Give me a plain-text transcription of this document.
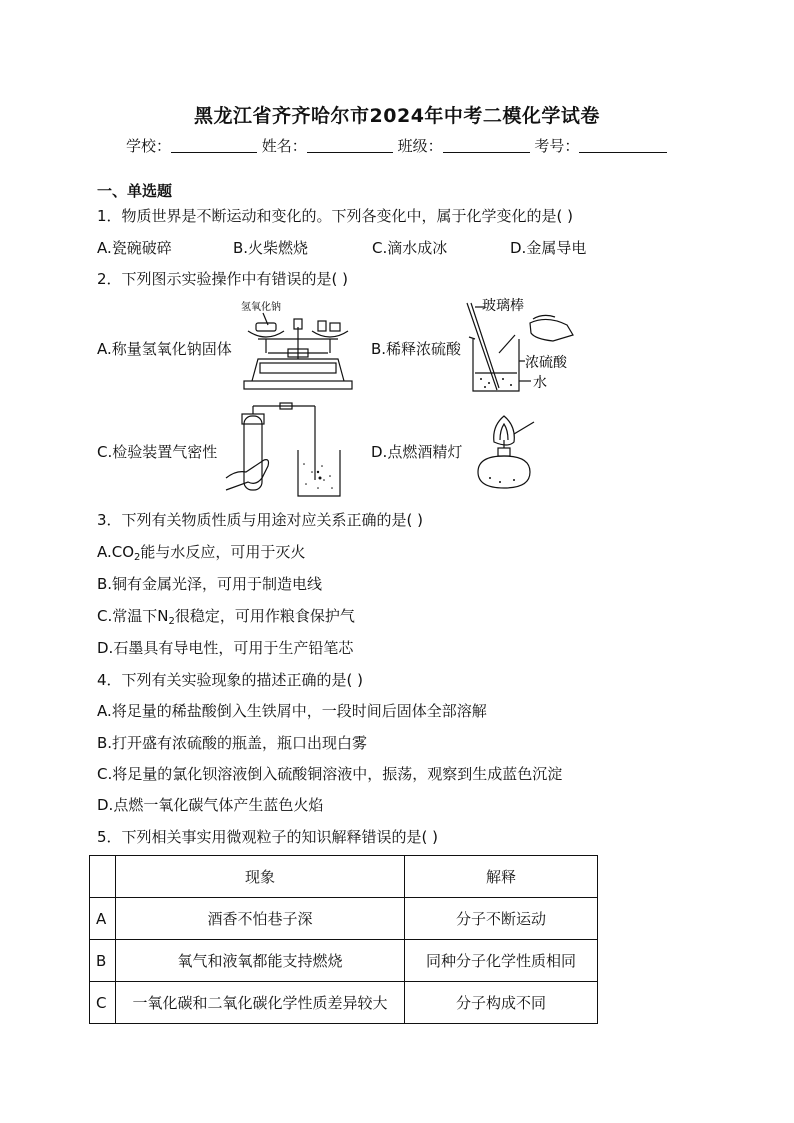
黑龙江省齐齐哈尔市2024年中考二模化学试卷
学校：	姓名：	班级：	考号：
一、单选题
1．物质世界是不断运动和变化的。下列各变化中，属于化学变化的是( )
A.瓷碗破碎	B.火柴燃烧	C.滴水成冰	D.金属导电
2．下列图示实验操作中有错误的是( )
A.称量氢氧化钠固体	B.稀释浓硫酸
C.检验装置气密性	D.点燃酒精灯
氢氧化钠	玻璃棒
浓硫酸
水
3．下列有关物质性质与用途对应关系正确的是( )
$A.CO_2$能与水反应，可用于灭火
B.铜有金属光泽，可用于制造电线
C.常温下$N_2$很稳定，可用作粮食保护气
D.石墨具有导电性，可用于生产铅笔芯
4．下列有关实验现象的描述正确的是( )
A.将足量的稀盐酸倒入生铁屑中，一段时间后固体全部溶解
B.打开盛有浓硫酸的瓶盖，瓶口出现白雾
C.将足量的氯化钡溶液倒入硫酸铜溶液中，振荡，观察到生成蓝色沉淀
D.点燃一氧化碳气体产生蓝色火焰
5．下列相关事实用微观粒子的知识解释错误的是( )
	现象	解释
A	酒香不怕巷子深	分子不断运动
B	氧气和液氧都能支持燃烧	同种分子化学性质相同
C	一氧化碳和二氧化碳化学性质差异较大	分子构成不同
